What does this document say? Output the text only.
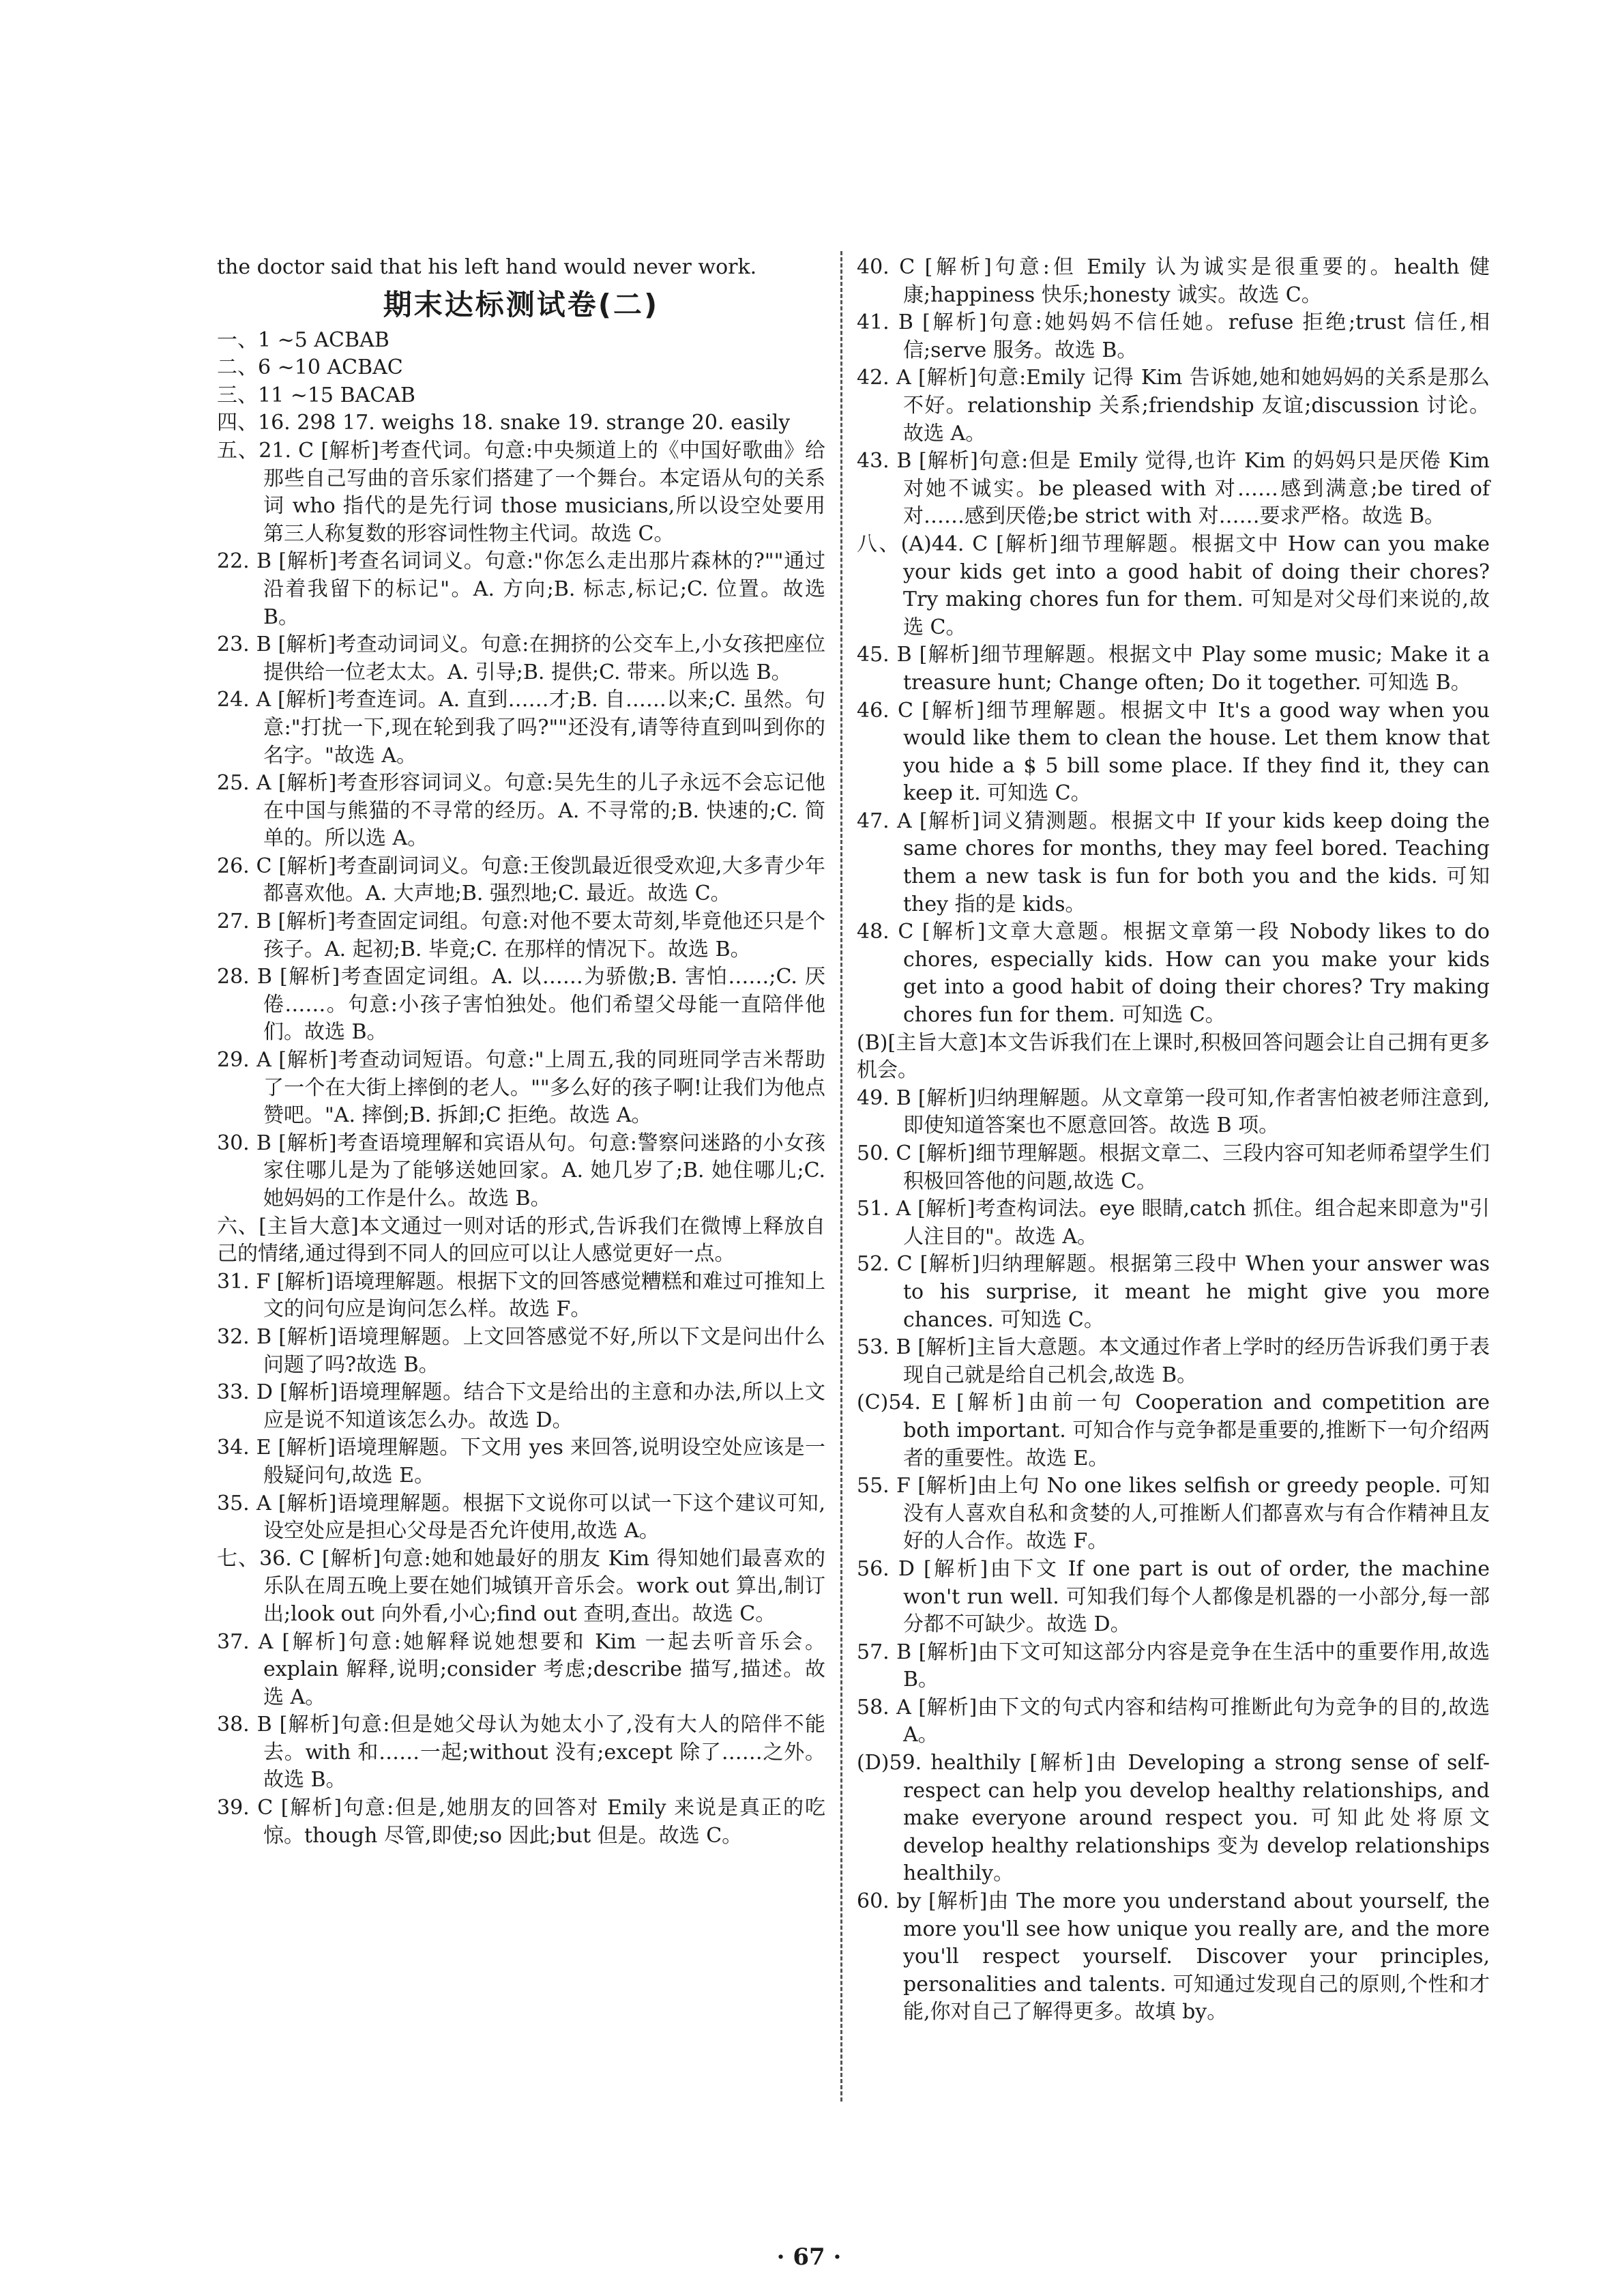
the doctor said that his left hand would never work.

期末达标测试卷(二)

一、1 ~5 ACBAB

二、6 ~10 ACBAC

三、11 ~15 BACAB

四、16. 298 17. weighs 18. snake 19. strange 20. easily

五、21. C [解析]考查代词。句意:中央频道上的《中国好歌曲》给那些自己写曲的音乐家们搭建了一个舞台。本定语从句的关系词 who 指代的是先行词 those musicians,所以设空处要用第三人称复数的形容词性物主代词。故选 C。

22. B [解析]考查名词词义。句意:"你怎么走出那片森林的?""通过沿着我留下的标记"。A. 方向;B. 标志,标记;C. 位置。故选 B。

23. B [解析]考查动词词义。句意:在拥挤的公交车上,小女孩把座位提供给一位老太太。A. 引导;B. 提供;C. 带来。所以选 B。

24. A [解析]考查连词。A. 直到……才;B. 自……以来;C. 虽然。句意:"打扰一下,现在轮到我了吗?""还没有,请等待直到叫到你的名字。"故选 A。

25. A [解析]考查形容词词义。句意:吴先生的儿子永远不会忘记他在中国与熊猫的不寻常的经历。A. 不寻常的;B. 快速的;C. 简单的。所以选 A。

26. C [解析]考查副词词义。句意:王俊凯最近很受欢迎,大多青少年都喜欢他。A. 大声地;B. 强烈地;C. 最近。故选 C。

27. B [解析]考查固定词组。句意:对他不要太苛刻,毕竟他还只是个孩子。A. 起初;B. 毕竟;C. 在那样的情况下。故选 B。

28. B [解析]考查固定词组。A. 以……为骄傲;B. 害怕……;C. 厌倦……。句意:小孩子害怕独处。他们希望父母能一直陪伴他们。故选 B。

29. A [解析]考查动词短语。句意:"上周五,我的同班同学吉米帮助了一个在大街上摔倒的老人。""多么好的孩子啊!让我们为他点赞吧。"A. 摔倒;B. 拆卸;C 拒绝。故选 A。

30. B [解析]考查语境理解和宾语从句。句意:警察问迷路的小女孩家住哪儿是为了能够送她回家。A. 她几岁了;B. 她住哪儿;C. 她妈妈的工作是什么。故选 B。

六、[主旨大意]本文通过一则对话的形式,告诉我们在微博上释放自己的情绪,通过得到不同人的回应可以让人感觉更好一点。

31. F [解析]语境理解题。根据下文的回答感觉糟糕和难过可推知上文的问句应是询问怎么样。故选 F。

32. B [解析]语境理解题。上文回答感觉不好,所以下文是问出什么问题了吗?故选 B。

33. D [解析]语境理解题。结合下文是给出的主意和办法,所以上文应是说不知道该怎么办。故选 D。

34. E [解析]语境理解题。下文用 yes 来回答,说明设空处应该是一般疑问句,故选 E。

35. A [解析]语境理解题。根据下文说你可以试一下这个建议可知,设空处应是担心父母是否允许使用,故选 A。

七、36. C [解析]句意:她和她最好的朋友 Kim 得知她们最喜欢的乐队在周五晚上要在她们城镇开音乐会。work out 算出,制订出;look out 向外看,小心;find out 查明,查出。故选 C。

37. A [解析]句意:她解释说她想要和 Kim 一起去听音乐会。explain 解释,说明;consider 考虑;describe 描写,描述。故选 A。

38. B [解析]句意:但是她父母认为她太小了,没有大人的陪伴不能去。with 和……一起;without 没有;except 除了……之外。故选 B。

39. C [解析]句意:但是,她朋友的回答对 Emily 来说是真正的吃惊。though 尽管,即使;so 因此;but 但是。故选 C。

40. C [解析]句意:但 Emily 认为诚实是很重要的。health 健康;happiness 快乐;honesty 诚实。故选 C。

41. B [解析]句意:她妈妈不信任她。refuse 拒绝;trust 信任,相信;serve 服务。故选 B。

42. A [解析]句意:Emily 记得 Kim 告诉她,她和她妈妈的关系是那么不好。relationship 关系;friendship 友谊;discussion 讨论。故选 A。

43. B [解析]句意:但是 Emily 觉得,也许 Kim 的妈妈只是厌倦 Kim 对她不诚实。be pleased with 对……感到满意;be tired of 对……感到厌倦;be strict with 对……要求严格。故选 B。

八、(A)44. C [解析]细节理解题。根据文中 How can you make your kids get into a good habit of doing their chores? Try making chores fun for them. 可知是对父母们来说的,故选 C。

45. B [解析]细节理解题。根据文中 Play some music; Make it a treasure hunt; Change often; Do it together. 可知选 B。

46. C [解析]细节理解题。根据文中 It's a good way when you would like them to clean the house. Let them know that you hide a $ 5 bill some place. If they find it, they can keep it. 可知选 C。

47. A [解析]词义猜测题。根据文中 If your kids keep doing the same chores for months, they may feel bored. Teaching them a new task is fun for both you and the kids. 可知 they 指的是 kids。

48. C [解析]文章大意题。根据文章第一段 Nobody likes to do chores, especially kids. How can you make your kids get into a good habit of doing their chores? Try making chores fun for them. 可知选 C。

(B)[主旨大意]本文告诉我们在上课时,积极回答问题会让自己拥有更多机会。

49. B [解析]归纳理解题。从文章第一段可知,作者害怕被老师注意到,即使知道答案也不愿意回答。故选 B 项。

50. C [解析]细节理解题。根据文章二、三段内容可知老师希望学生们积极回答他的问题,故选 C。

51. A [解析]考查构词法。eye 眼睛,catch 抓住。组合起来即意为"引人注目的"。故选 A。

52. C [解析]归纳理解题。根据第三段中 When your answer was to his surprise, it meant he might give you more chances. 可知选 C。

53. B [解析]主旨大意题。本文通过作者上学时的经历告诉我们勇于表现自己就是给自己机会,故选 B。

(C)54. E [解析]由前一句 Cooperation and competition are both important. 可知合作与竞争都是重要的,推断下一句介绍两者的重要性。故选 E。

55. F [解析]由上句 No one likes selfish or greedy people. 可知没有人喜欢自私和贪婪的人,可推断人们都喜欢与有合作精神且友好的人合作。故选 F。

56. D [解析]由下文 If one part is out of order, the machine won't run well. 可知我们每个人都像是机器的一小部分,每一部分都不可缺少。故选 D。

57. B [解析]由下文可知这部分内容是竞争在生活中的重要作用,故选 B。

58. A [解析]由下文的句式内容和结构可推断此句为竞争的目的,故选 A。

(D)59. healthily [解析]由 Developing a strong sense of self-respect can help you develop healthy relationships, and make everyone around respect you. 可知此处将原文 develop healthy relationships 变为 develop relationships healthily。

60. by [解析]由 The more you understand about yourself, the more you'll see how unique you really are, and the more you'll respect yourself. Discover your principles, personalities and talents. 可知通过发现自己的原则,个性和才能,你对自己了解得更多。故填 by。

· 67 ·
